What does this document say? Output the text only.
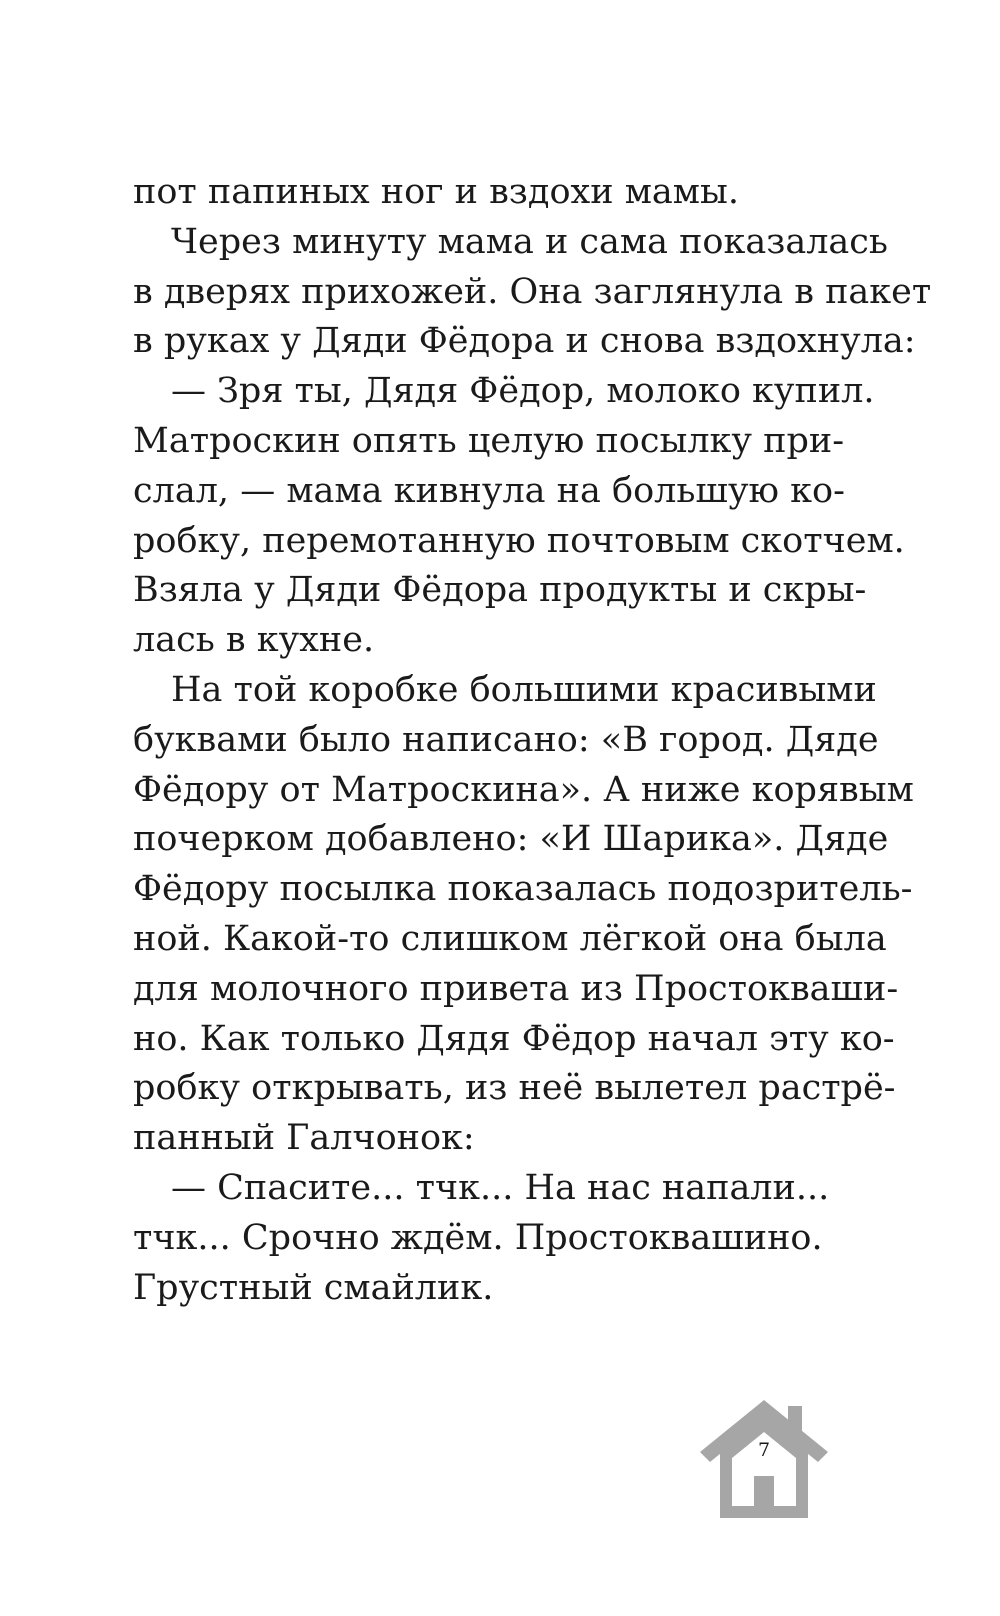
пот папиных ног и вздохи мамы.
Через минуту мама и сама показалась
в дверях прихожей. Она заглянула в пакет
в руках у Дяди Фёдора и снова вздохнула:
— Зря ты, Дядя Фёдор, молоко купил.
Матроскин опять целую посылку при-
слал, — мама кивнула на большую ко-
робку, перемотанную почтовым скотчем.
Взяла у Дяди Фёдора продукты и скры-
лась в кухне.
На той коробке большими красивыми
буквами было написано: «В город. Дяде
Фёдору от Матроскина». А ниже корявым
почерком добавлено: «И Шарика». Дяде
Фёдору посылка показалась подозритель-
ной. Какой-то слишком лёгкой она была
для молочного привета из Простокваши-
но. Как только Дядя Фёдор начал эту ко-
робку открывать, из неё вылетел растрё-
панный Галчонок:
— Спасите... тчк... На нас напали...
тчк... Срочно ждём. Простоквашино.
Грустный смайлик.
7
